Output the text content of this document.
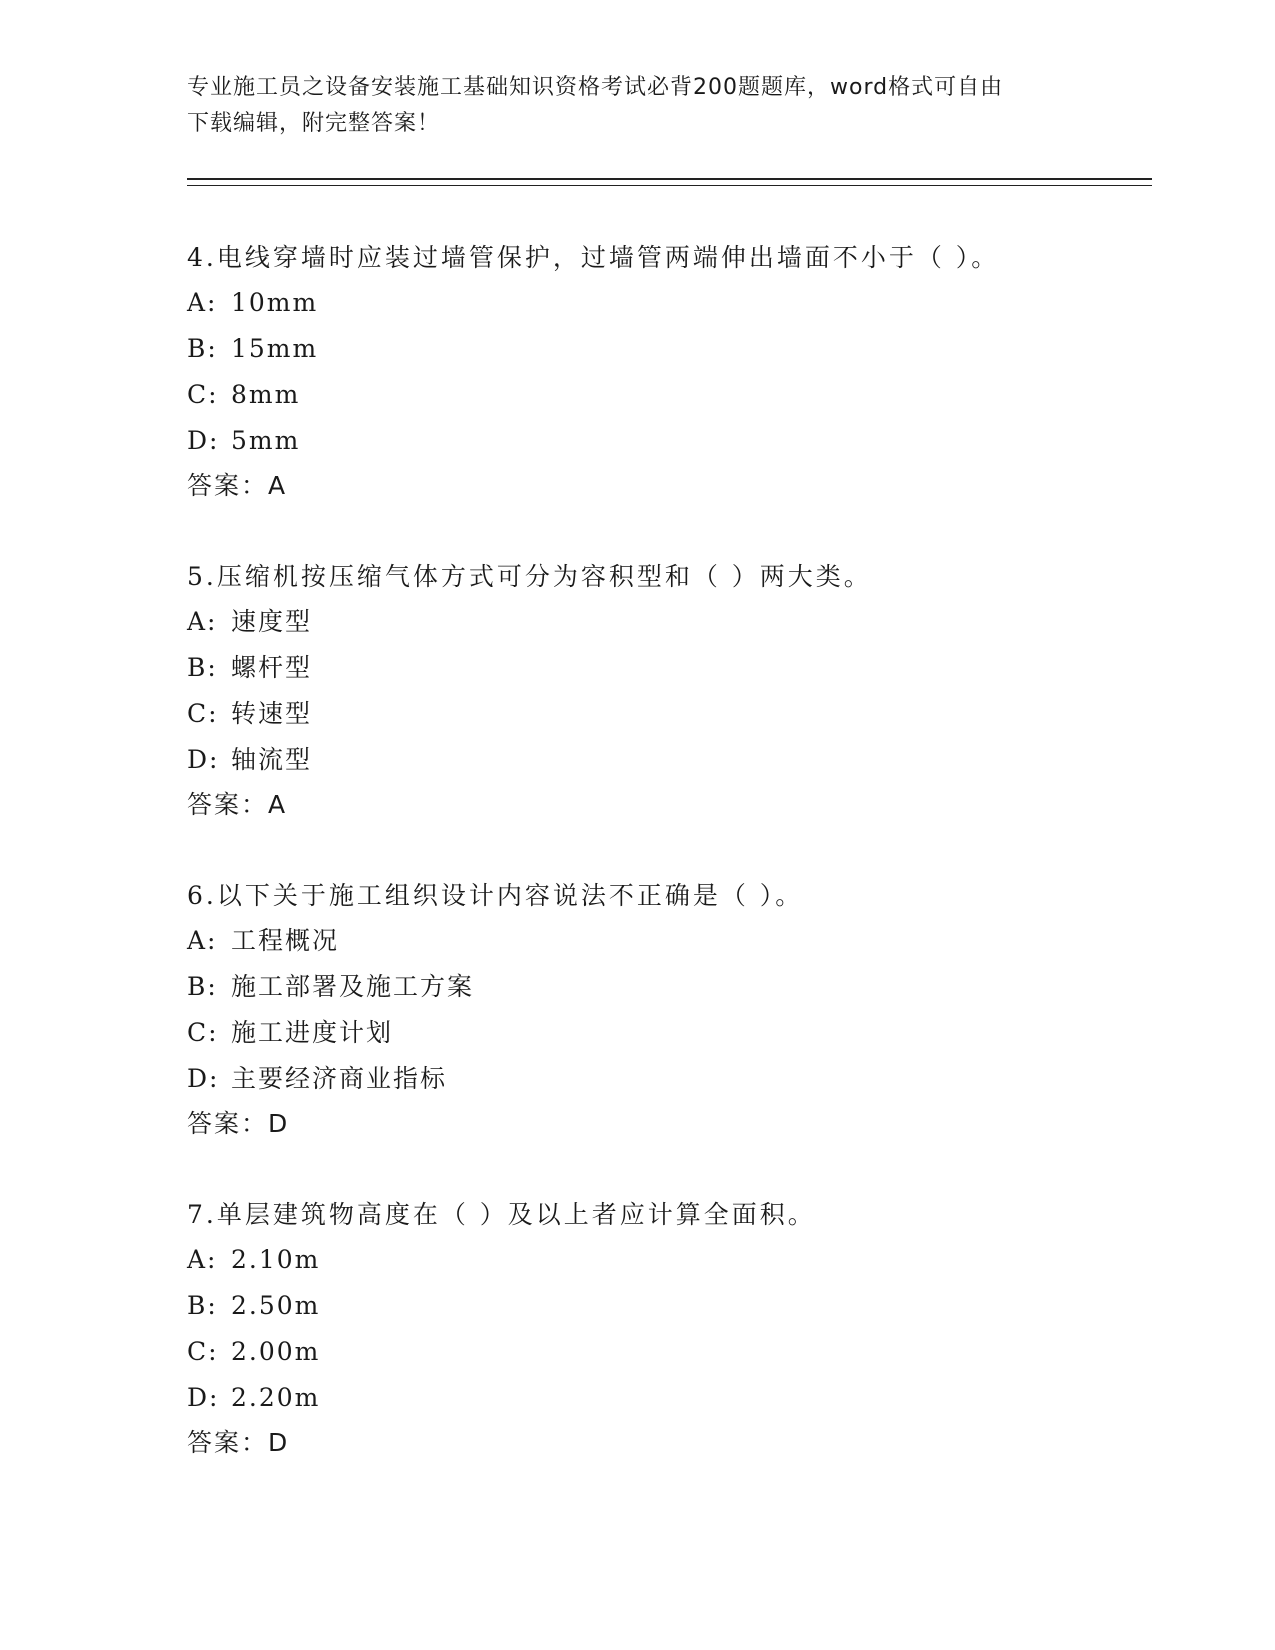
专业施工员之设备安装施工基础知识资格考试必背200题题库，word格式可自由
下载编辑，附完整答案！
4.电线穿墙时应装过墙管保护，过墙管两端伸出墙面不小于（ ）。
A: 10mm
B: 15mm
C: 8mm
D: 5mm
答案：A
5.压缩机按压缩气体方式可分为容积型和（ ）两大类。
A: 速度型
B: 螺杆型
C: 转速型
D: 轴流型
答案：A
6.以下关于施工组织设计内容说法不正确是（ ）。
A: 工程概况
B: 施工部署及施工方案
C: 施工进度计划
D: 主要经济商业指标
答案：D
7.单层建筑物高度在（ ）及以上者应计算全面积。
A: 2.10m
B: 2.50m
C: 2.00m
D: 2.20m
答案：D
